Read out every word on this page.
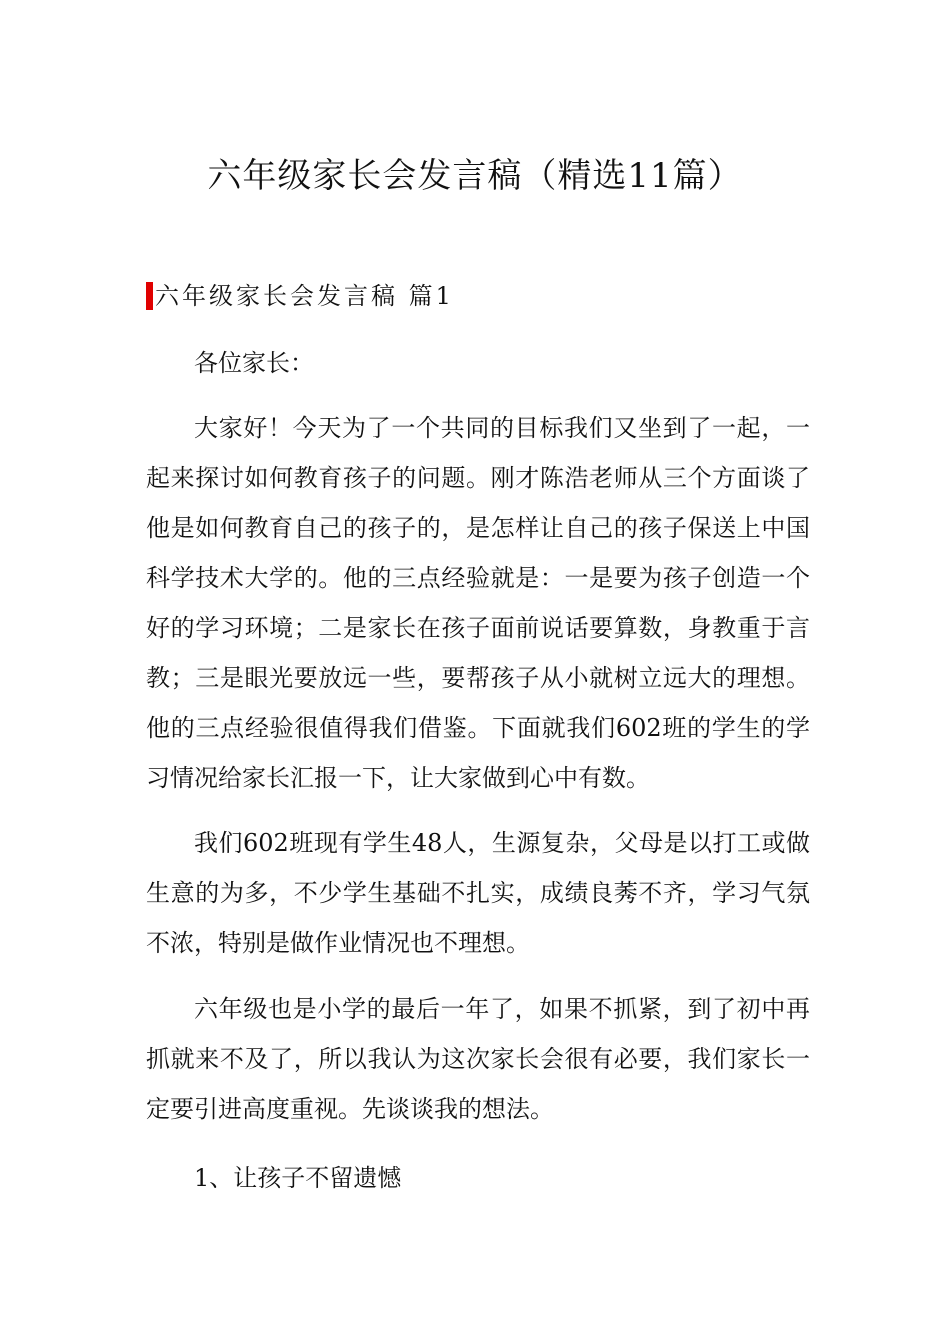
六年级家长会发言稿（精选11篇）
六年级家长会发言稿 篇1

各位家长：

大家好！今天为了一个共同的目标我们又坐到了一起，一起来探讨如何教育孩子的问题。刚才陈浩老师从三个方面谈了他是如何教育自己的孩子的，是怎样让自己的孩子保送上中国科学技术大学的。他的三点经验就是：一是要为孩子创造一个好的学习环境；二是家长在孩子面前说话要算数，身教重于言教；三是眼光要放远一些，要帮孩子从小就树立远大的理想。他的三点经验很值得我们借鉴。下面就我们602班的学生的学习情况给家长汇报一下，让大家做到心中有数。

我们602班现有学生48人，生源复杂，父母是以打工或做生意的为多，不少学生基础不扎实，成绩良莠不齐，学习气氛不浓，特别是做作业情况也不理想。

六年级也是小学的最后一年了，如果不抓紧，到了初中再抓就来不及了，所以我认为这次家长会很有必要，我们家长一定要引进高度重视。先谈谈我的想法。

1、让孩子不留遗憾
